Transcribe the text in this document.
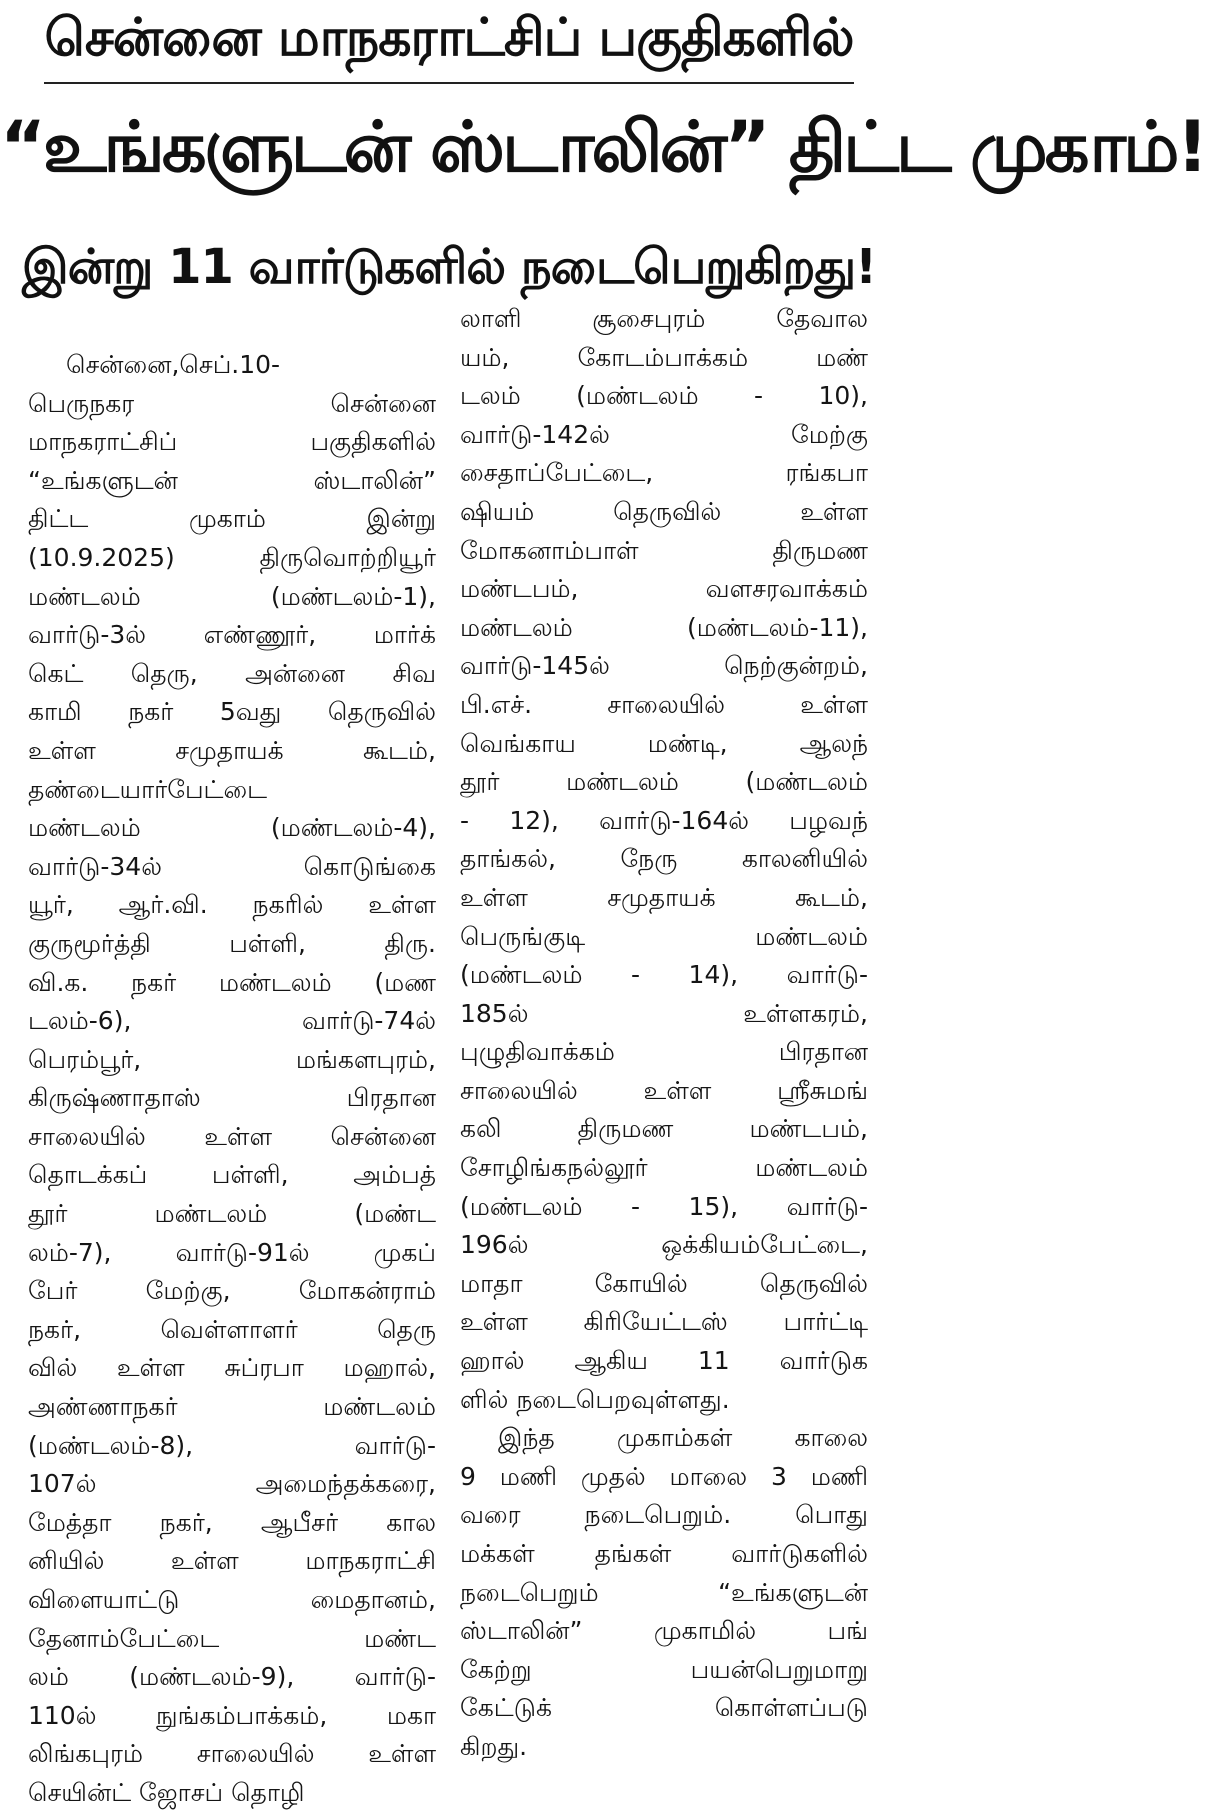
சென்னை மாநகராட்சிப் பகுதிகளில்
“உங்களுடன் ஸ்டாலின்” திட்ட முகாம்!
இன்று 11 வார்டுகளில் நடைபெறுகிறது!
சென்னை,செப்.10-
பெருநகர சென்னை
மாநகராட்சிப் பகுதிகளில்
“உங்களுடன் ஸ்டாலின்”
திட்ட முகாம் இன்று
(10.9.2025) திருவொற்றியூர்
மண்டலம் (மண்டலம்-1),
வார்டு-3ல் எண்ணூர், மார்க்
கெட் தெரு, அன்னை சிவ
காமி நகர் 5வது தெருவில்
உள்ள சமுதாயக் கூடம்,
தண்டையார்பேட்டை
மண்டலம் (மண்டலம்-4),
வார்டு-34ல் கொடுங்கை
யூர், ஆர்.வி. நகரில் உள்ள
குருமூர்த்தி பள்ளி, திரு.
வி.க. நகர் மண்டலம் (மண
டலம்-6), வார்டு-74ல்
பெரம்பூர், மங்களபுரம்,
கிருஷ்ணாதாஸ் பிரதான
சாலையில் உள்ள சென்னை
தொடக்கப் பள்ளி, அம்பத்
தூர் மண்டலம் (மண்ட
லம்-7), வார்டு-91ல் முகப்
பேர் மேற்கு, மோகன்ராம்
நகர், வெள்ளாளர் தெரு
வில் உள்ள சுப்ரபா மஹால்,
அண்ணாநகர் மண்டலம்
(மண்டலம்-8), வார்டு-
107ல் அமைந்தக்கரை,
மேத்தா நகர், ஆபீசர் கால
னியில் உள்ள மாநகராட்சி
விளையாட்டு மைதானம்,
தேனாம்பேட்டை மண்ட
லம் (மண்டலம்-9), வார்டு-
110ல் நுங்கம்பாக்கம், மகா
லிங்கபுரம் சாலையில் உள்ள
செயின்ட் ஜோசப் தொழி
லாளி சூசைபுரம் தேவால
யம், கோடம்பாக்கம் மண்
டலம் (மண்டலம் - 10),
வார்டு-142ல் மேற்கு
சைதாப்பேட்டை, ரங்கபா
ஷியம் தெருவில் உள்ள
மோகனாம்பாள் திருமண
மண்டபம், வளசரவாக்கம்
மண்டலம் (மண்டலம்-11),
வார்டு-145ல் நெற்குன்றம்,
பி.எச். சாலையில் உள்ள
வெங்காய மண்டி, ஆலந்
தூர் மண்டலம் (மண்டலம்
- 12), வார்டு-164ல் பழவந்
தாங்கல், நேரு காலனியில்
உள்ள சமுதாயக் கூடம்,
பெருங்குடி மண்டலம்
(மண்டலம் - 14), வார்டு-
185ல் உள்ளகரம்,
புழுதிவாக்கம் பிரதான
சாலையில் உள்ள ஸ்ரீசுமங்
கலி திருமண மண்டபம்,
சோழிங்கநல்லூர் மண்டலம்
(மண்டலம் - 15), வார்டு-
196ல் ஒக்கியம்பேட்டை,
மாதா கோயில் தெருவில்
உள்ள கிரியேட்டஸ் பார்ட்டி
ஹால் ஆகிய 11 வார்டுக
ளில் நடைபெறவுள்ளது.
இந்த முகாம்கள் காலை
9 மணி முதல் மாலை 3 மணி
வரை நடைபெறும். பொது
மக்கள் தங்கள் வார்டுகளில்
நடைபெறும் “உங்களுடன்
ஸ்டாலின்” முகாமில் பங்
கேற்று பயன்பெறுமாறு
கேட்டுக் கொள்ளப்படு
கிறது.
